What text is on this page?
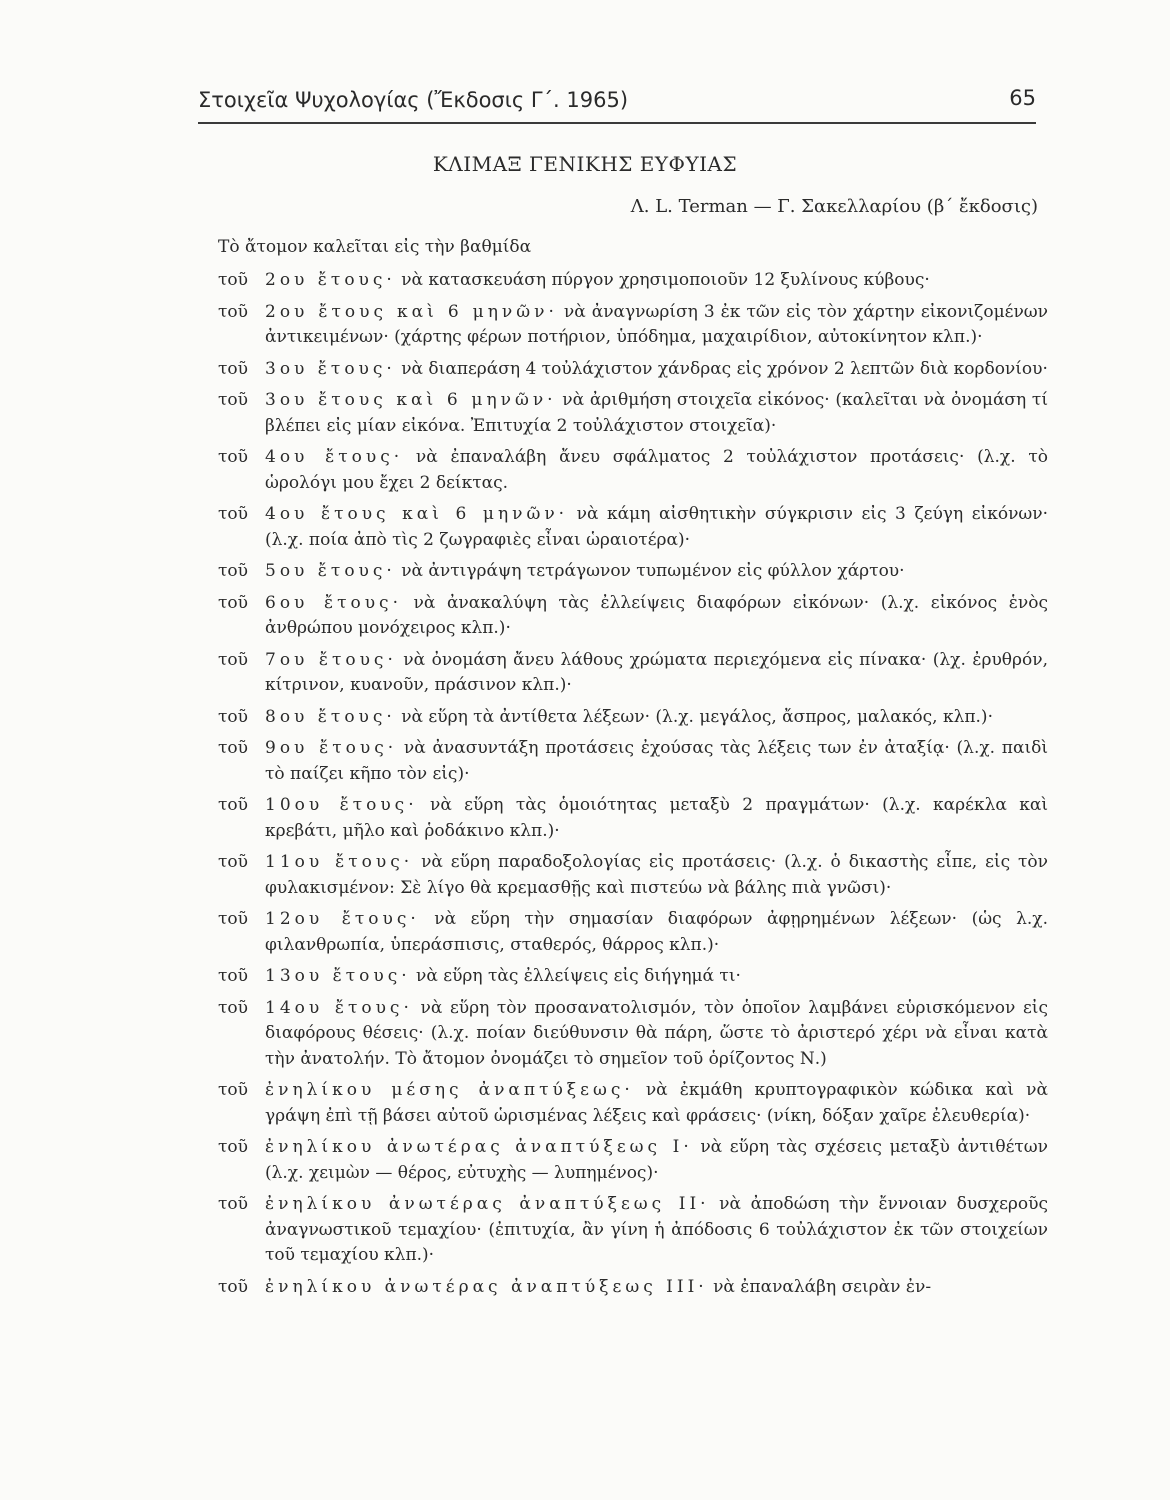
Στοιχεῖα Ψυχολογίας (Ἔκδοσις Γ΄. 1965)	65
ΚΛΙΜΑΞ ΓΕΝΙΚΗΣ ΕΥΦΥΙΑΣ
Λ. L. Terman — Γ. Σακελλαρίου (β΄ ἔκδοσις)
Τὸ ἄτομον καλεῖται εἰς τὴν βαθμίδα
τοῦ 2ου ἔτους· νὰ κατασκευάση πύργον χρησιμοποιοῦν 12 ξυλίνους κύβους·
τοῦ 2ου ἔτους καὶ 6 μηνῶν· νὰ ἀναγνωρίση 3 ἐκ τῶν εἰς τὸν χάρτην εἰκονιζομένων ἀντικειμένων· (χάρτης φέρων ποτήριον, ὑπόδημα, μαχαιρίδιον, αὐτοκίνητον κλπ.)·
τοῦ 3ου ἔτους· νὰ διαπεράση 4 τοὐλάχιστον χάνδρας εἰς χρόνον 2 λεπτῶν διὰ κορδονίου·
τοῦ 3ου ἔτους καὶ 6 μηνῶν· νὰ ἀριθμήση στοιχεῖα εἰκόνος· (καλεῖται νὰ ὀνομάση τί βλέπει εἰς μίαν εἰκόνα. Ἐπιτυχία 2 τοὐλάχιστον στοιχεῖα)·
τοῦ 4ου ἔτους· νὰ ἐπαναλάβη ἄνευ σφάλματος 2 τοὐλάχιστον προτάσεις· (λ.χ. τὸ ὡρολόγι μου ἔχει 2 δείκτας.
τοῦ 4ου ἔτους καὶ 6 μηνῶν· νὰ κάμη αἰσθητικὴν σύγκρισιν εἰς 3 ζεύγη εἰκόνων· (λ.χ. ποία ἀπὸ τὶς 2 ζωγραφιὲς εἶναι ὡραιοτέρα)·
τοῦ 5ου ἔτους· νὰ ἀντιγράψη τετράγωνον τυπωμένον εἰς φύλλον χάρτου·
τοῦ 6ου ἔτους· νὰ ἀνακαλύψη τὰς ἐλλείψεις διαφόρων εἰκόνων· (λ.χ. εἰκόνος ἑνὸς ἀνθρώπου μονόχειρος κλπ.)·
τοῦ 7ου ἔτους· νὰ ὀνομάση ἄνευ λάθους χρώματα περιεχόμενα εἰς πίνακα· (λχ. ἐρυθρόν, κίτρινον, κυανοῦν, πράσινον κλπ.)·
τοῦ 8ου ἔτους· νὰ εὕρη τὰ ἀντίθετα λέξεων· (λ.χ. μεγάλος, ἄσπρος, μαλακός, κλπ.)·
τοῦ 9ου ἔτους· νὰ ἀνασυντάξη προτάσεις ἐχούσας τὰς λέξεις των ἐν ἀταξίᾳ· (λ.χ. παιδὶ τὸ παίζει κῆπο τὸν εἰς)·
τοῦ 10ου ἔτους· νὰ εὕρη τὰς ὁμοιότητας μεταξὺ 2 πραγμάτων· (λ.χ. καρέκλα καὶ κρεβάτι, μῆλο καὶ ῥοδάκινο κλπ.)·
τοῦ 11ου ἔτους· νὰ εὕρη παραδοξολογίας εἰς προτάσεις· (λ.χ. ὁ δικαστὴς εἶπε, εἰς τὸν φυλακισμένον: Σὲ λίγο θὰ κρεμασθῇς καὶ πιστεύω νὰ βάλης πιὰ γνῶσι)·
τοῦ 12ου ἔτους· νὰ εὕρη τὴν σημασίαν διαφόρων ἀφῃρημένων λέξεων· (ὡς λ.χ. φιλανθρωπία, ὑπεράσπισις, σταθερός, θάρρος κλπ.)·
τοῦ 13ου ἔτους· νὰ εὕρη τὰς ἐλλείψεις εἰς διήγημά τι·
τοῦ 14ου ἔτους· νὰ εὕρη τὸν προσανατολισμόν, τὸν ὁποῖον λαμβάνει εὑρισκόμενον εἰς διαφόρους θέσεις· (λ.χ. ποίαν διεύθυνσιν θὰ πάρη, ὥστε τὸ ἀριστερό χέρι νὰ εἶναι κατὰ τὴν ἀνατολήν. Τὸ ἄτομον ὀνομάζει τὸ σημεῖον τοῦ ὁρίζοντος Ν.)
τοῦ ἐνηλίκου μέσης ἀναπτύξεως· νὰ ἐκμάθη κρυπτογραφικὸν κώδικα καὶ νὰ γράψη ἐπὶ τῇ βάσει αὐτοῦ ὡρισμένας λέξεις καὶ φράσεις· (νίκη, δόξαν χαῖρε ἐλευθερία)·
τοῦ ἐνηλίκου ἀνωτέρας ἀναπτύξεως Ι· νὰ εὕρη τὰς σχέσεις μεταξὺ ἀντιθέτων (λ.χ. χειμὼν — θέρος, εὐτυχὴς — λυπημένος)·
τοῦ ἐνηλίκου ἀνωτέρας ἀναπτύξεως ΙΙ· νὰ ἀποδώση τὴν ἔννοιαν δυσχεροῦς ἀναγνωστικοῦ τεμαχίου· (ἐπιτυχία, ἂν γίνη ἡ ἀπόδοσις 6 τοὐλάχιστον ἐκ τῶν στοιχείων τοῦ τεμαχίου κλπ.)·
τοῦ ἐνηλίκου ἀνωτέρας ἀναπτύξεως ΙΙΙ· νὰ ἐπαναλάβη σειρὰν ἐν-
